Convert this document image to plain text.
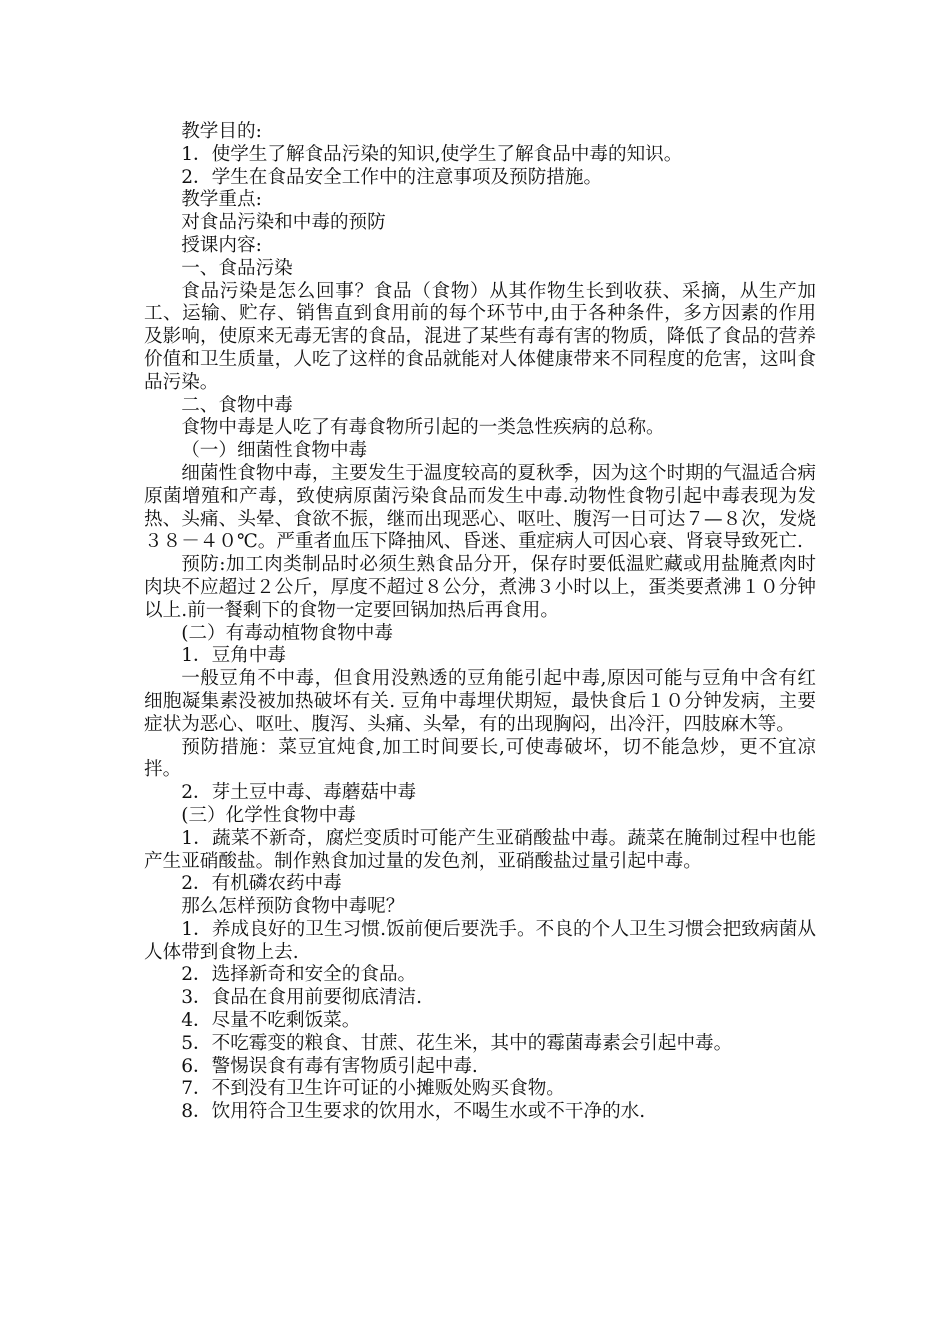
教学目的:

1．使学生了解食品污染的知识,使学生了解食品中毒的知识。

2．学生在食品安全工作中的注意事项及预防措施。

教学重点:

对食品污染和中毒的预防

授课内容:

一、食品污染

食品污染是怎么回事？食品（食物）从其作物生长到收获、采摘，从生产加工、运输、贮存、销售直到食用前的每个环节中,由于各种条件，多方因素的作用及影响，使原来无毒无害的食品，混进了某些有毒有害的物质，降低了食品的营养价值和卫生质量，人吃了这样的食品就能对人体健康带来不同程度的危害，这叫食品污染。

二、食物中毒

食物中毒是人吃了有毒食物所引起的一类急性疾病的总称。

（一）细菌性食物中毒

细菌性食物中毒，主要发生于温度较高的夏秋季，因为这个时期的气温适合病原菌增殖和产毒，致使病原菌污染食品而发生中毒.动物性食物引起中毒表现为发热、头痛、头晕、食欲不振，继而出现恶心、呕吐、腹泻一日可达７—８次，发烧３８－４０℃。严重者血压下降抽风、昏迷、重症病人可因心衰、肾衰导致死亡.

预防:加工肉类制品时必须生熟食品分开，保存时要低温贮藏或用盐腌煮肉时肉块不应超过２公斤，厚度不超过８公分，煮沸３小时以上，蛋类要煮沸１０分钟以上.前一餐剩下的食物一定要回锅加热后再食用。

(二）有毒动植物食物中毒

1．豆角中毒

一般豆角不中毒，但食用没熟透的豆角能引起中毒,原因可能与豆角中含有红细胞凝集素没被加热破坏有关. 豆角中毒埋伏期短，最快食后１０分钟发病，主要症状为恶心、呕吐、腹泻、头痛、头晕，有的出现胸闷，出冷汗，四肢麻木等。

预防措施：菜豆宜炖食,加工时间要长,可使毒破坏，切不能急炒，更不宜凉拌。

2．芽土豆中毒、毒蘑菇中毒

(三）化学性食物中毒

1．蔬菜不新奇，腐烂变质时可能产生亚硝酸盐中毒。蔬菜在腌制过程中也能产生亚硝酸盐。制作熟食加过量的发色剂，亚硝酸盐过量引起中毒。

2．有机磷农药中毒

那么怎样预防食物中毒呢？

1．养成良好的卫生习惯.饭前便后要洗手。不良的个人卫生习惯会把致病菌从人体带到食物上去.

2．选择新奇和安全的食品。

3．食品在食用前要彻底清洁.

4．尽量不吃剩饭菜。

5．不吃霉变的粮食、甘蔗、花生米，其中的霉菌毒素会引起中毒。

6．警惕误食有毒有害物质引起中毒.

7．不到没有卫生许可证的小摊贩处购买食物。

8．饮用符合卫生要求的饮用水，不喝生水或不干净的水.
